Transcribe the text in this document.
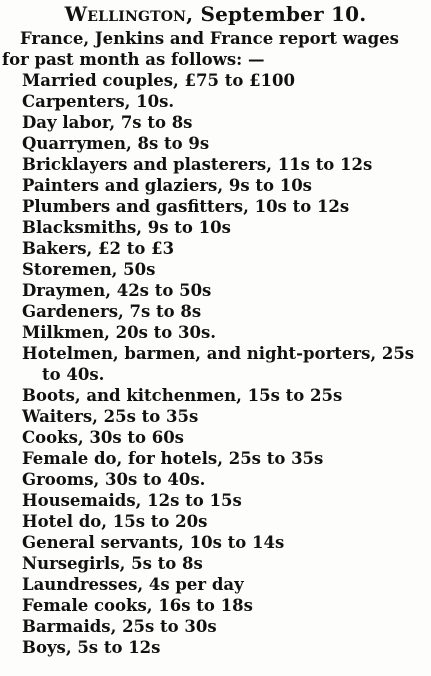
Wellington, September 10.
France, Jenkins and France report wages
for past month as follows: —
Married couples, £75 to £100
Carpenters, 10s.
Day labor, 7s to 8s
Quarrymen, 8s to 9s
Bricklayers and plasterers, 11s to 12s
Painters and glaziers, 9s to 10s
Plumbers and gasfitters, 10s to 12s
Blacksmiths, 9s to 10s
Bakers, £2 to £3
Storemen, 50s
Draymen, 42s to 50s
Gardeners, 7s to 8s
Milkmen, 20s to 30s.
Hotelmen, barmen, and night-porters, 25s
to 40s.
Boots, and kitchenmen, 15s to 25s
Waiters, 25s to 35s
Cooks, 30s to 60s
Female do, for hotels, 25s to 35s
Grooms, 30s to 40s.
Housemaids, 12s to 15s
Hotel do, 15s to 20s
General servants, 10s to 14s
Nursegirls, 5s to 8s
Laundresses, 4s per day
Female cooks, 16s to 18s
Barmaids, 25s to 30s
Boys, 5s to 12s
